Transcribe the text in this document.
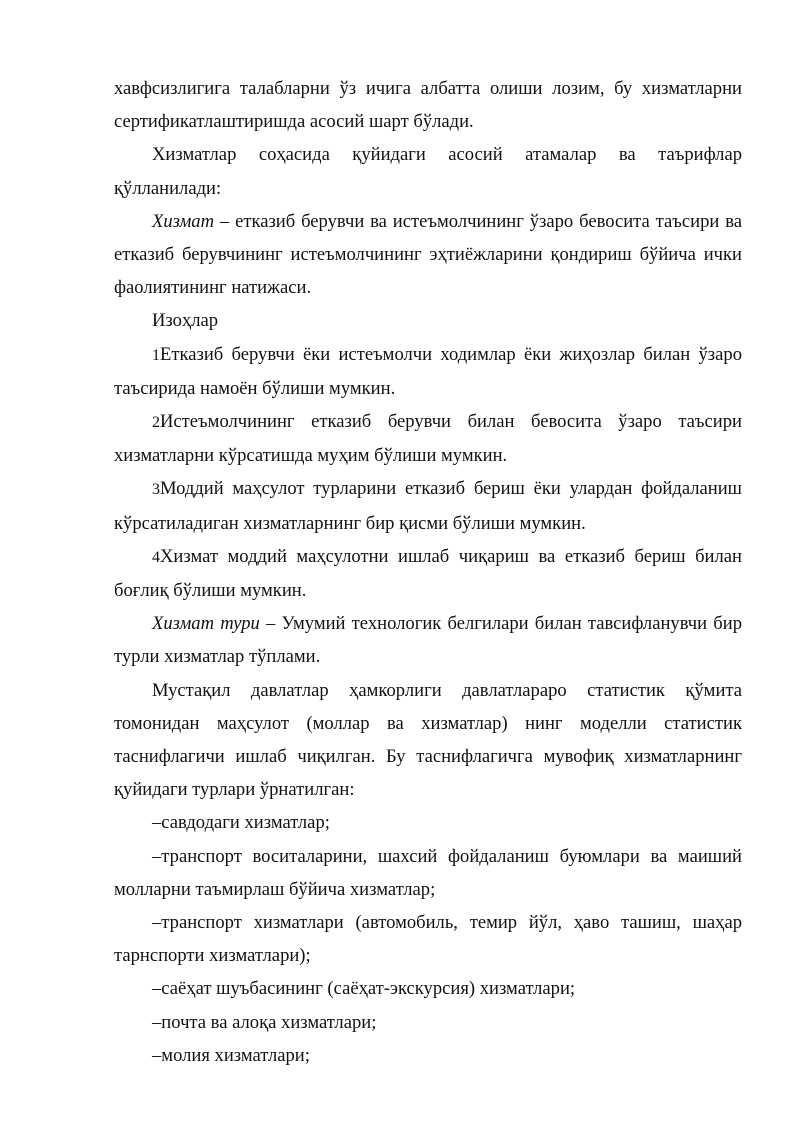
хавфсизлигига талабларни ўз ичига албатта олиши лозим, бу хизматларни сертификатлаштиришда асосий шарт бўлади.

Хизматлар соҳасида қуйидаги асосий атамалар ва таърифлар қўлланилади:

Хизмат – етказиб берувчи ва истеъмолчининг ўзаро бевосита таъсири ва етказиб берувчининг истеъмолчининг эҳтиёжларини қондириш бўйича ички фаолиятининг натижаси.

Изоҳлар

1Етказиб берувчи ёки истеъмолчи ходимлар ёки жиҳозлар билан ўзаро таъсирида намоён бўлиши мумкин.

2Истеъмолчининг етказиб берувчи билан бевосита ўзаро таъсири хизматларни кўрсатишда муҳим бўлиши мумкин.

3Моддий маҳсулот турларини етказиб бериш ёки улардан фойдаланиш кўрсатиладиган хизматларнинг бир қисми бўлиши мумкин.

4Хизмат моддий маҳсулотни ишлаб чиқариш ва етказиб бериш билан боғлиқ бўлиши мумкин.

Хизмат тури – Умумий технологик белгилари билан тавсифланувчи бир турли хизматлар тўплами.

Мустақил давлатлар ҳамкорлиги давлатлараро статистик қўмита томонидан маҳсулот (моллар ва хизматлар) нинг моделли статистик таснифлагичи ишлаб чиқилган. Бу таснифлагичга мувофиқ хизматларнинг қуйидаги турлари ўрнатилган:

–савдодаги хизматлар;

–транспорт воситаларини, шахсий фойдаланиш буюмлари ва маиший молларни таъмирлаш бўйича хизматлар;

–транспорт хизматлари (автомобиль, темир йўл, ҳаво ташиш, шаҳар тарнспорти хизматлари);

–саёҳат шуъбасининг (саёҳат-экскурсия) хизматлари;

–почта ва алоқа хизматлари;

–молия хизматлари;
